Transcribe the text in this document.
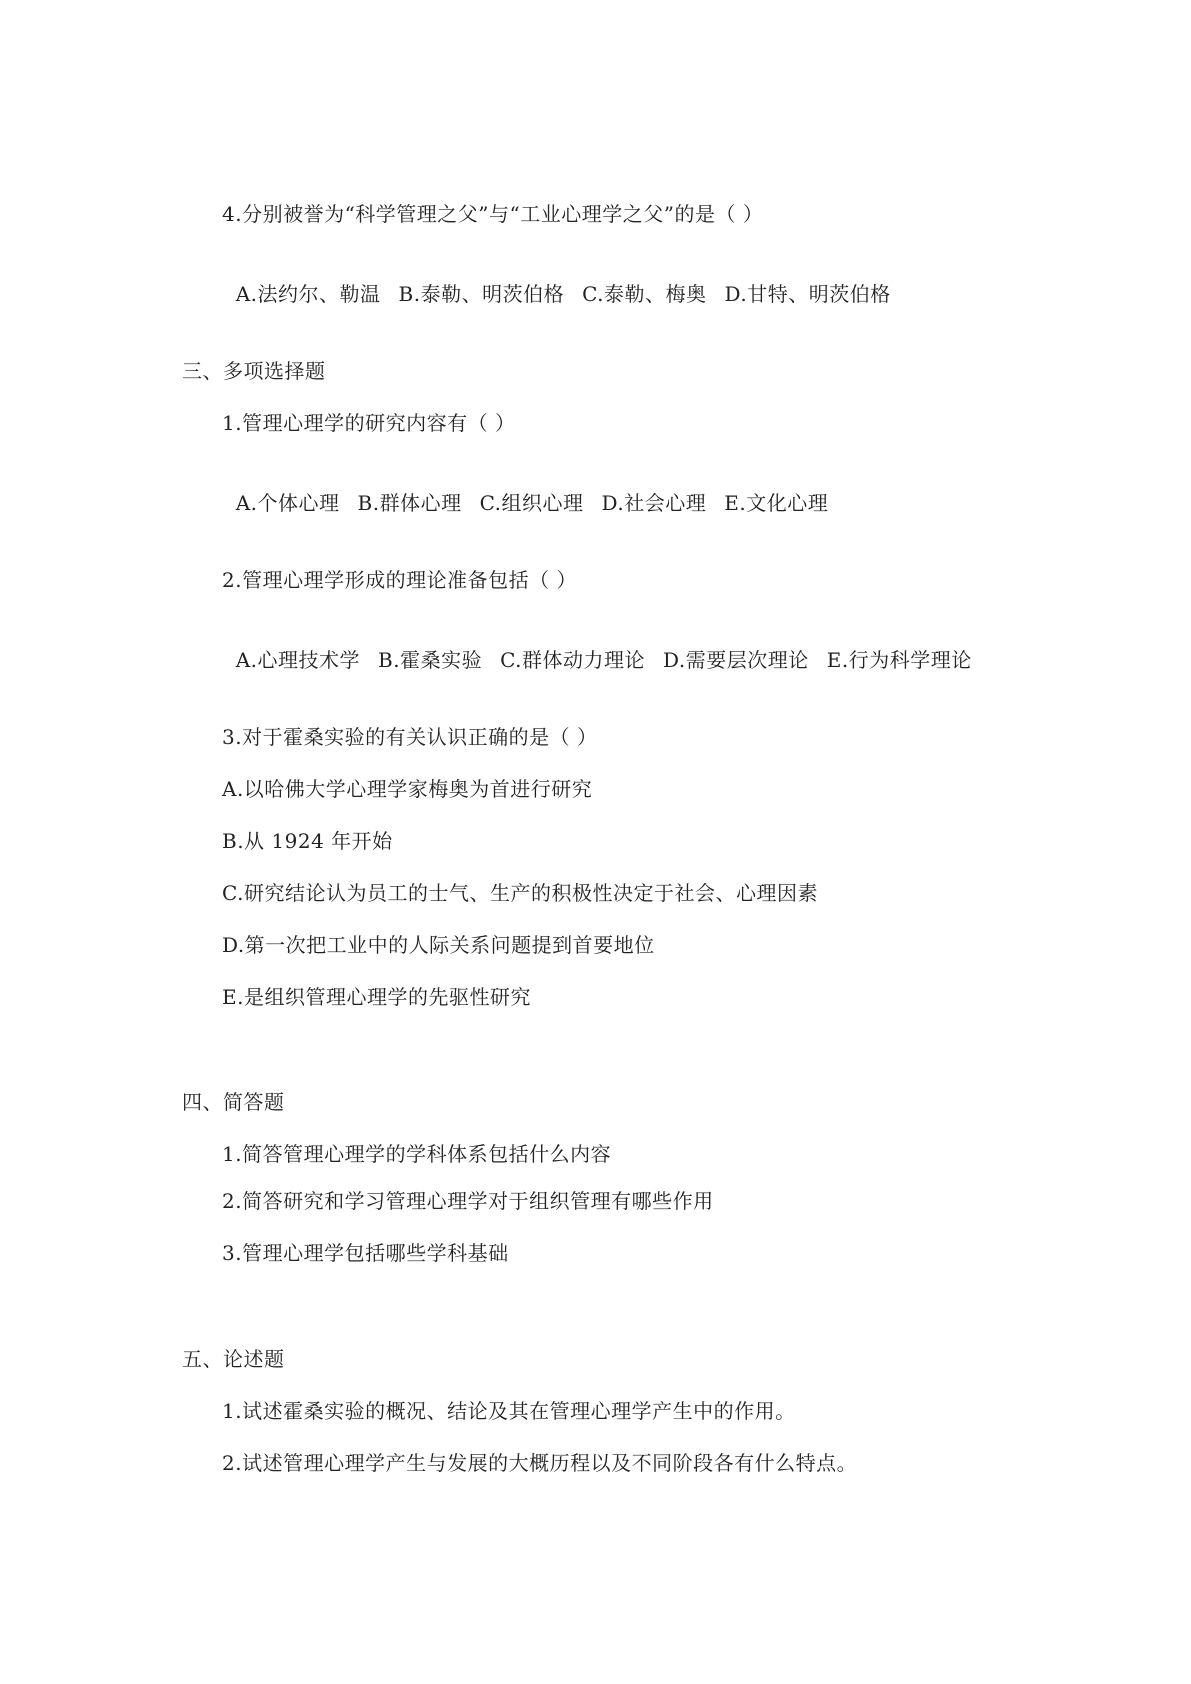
4.分别被誉为“科学管理之父”与“工业心理学之父”的是（ ）

A.法约尔、勒温 B.泰勒、明茨伯格 C.泰勒、梅奥 D.甘特、明茨伯格

三、多项选择题
1.管理心理学的研究内容有（ ）

A.个体心理 B.群体心理 C.组织心理 D.社会心理 E.文化心理

2.管理心理学形成的理论准备包括（ ）

A.心理技术学 B.霍桑实验 C.群体动力理论 D.需要层次理论 E.行为科学理论

3.对于霍桑实验的有关认识正确的是（ ）
A.以哈佛大学心理学家梅奥为首进行研究
B.从 1924 年开始
C.研究结论认为员工的士气、生产的积极性决定于社会、心理因素
D.第一次把工业中的人际关系问题提到首要地位
E.是组织管理心理学的先驱性研究
四、简答题
1.简答管理心理学的学科体系包括什么内容
2.简答研究和学习管理心理学对于组织管理有哪些作用
3.管理心理学包括哪些学科基础
五、论述题
1.试述霍桑实验的概况、结论及其在管理心理学产生中的作用。
2.试述管理心理学产生与发展的大概历程以及不同阶段各有什么特点。
